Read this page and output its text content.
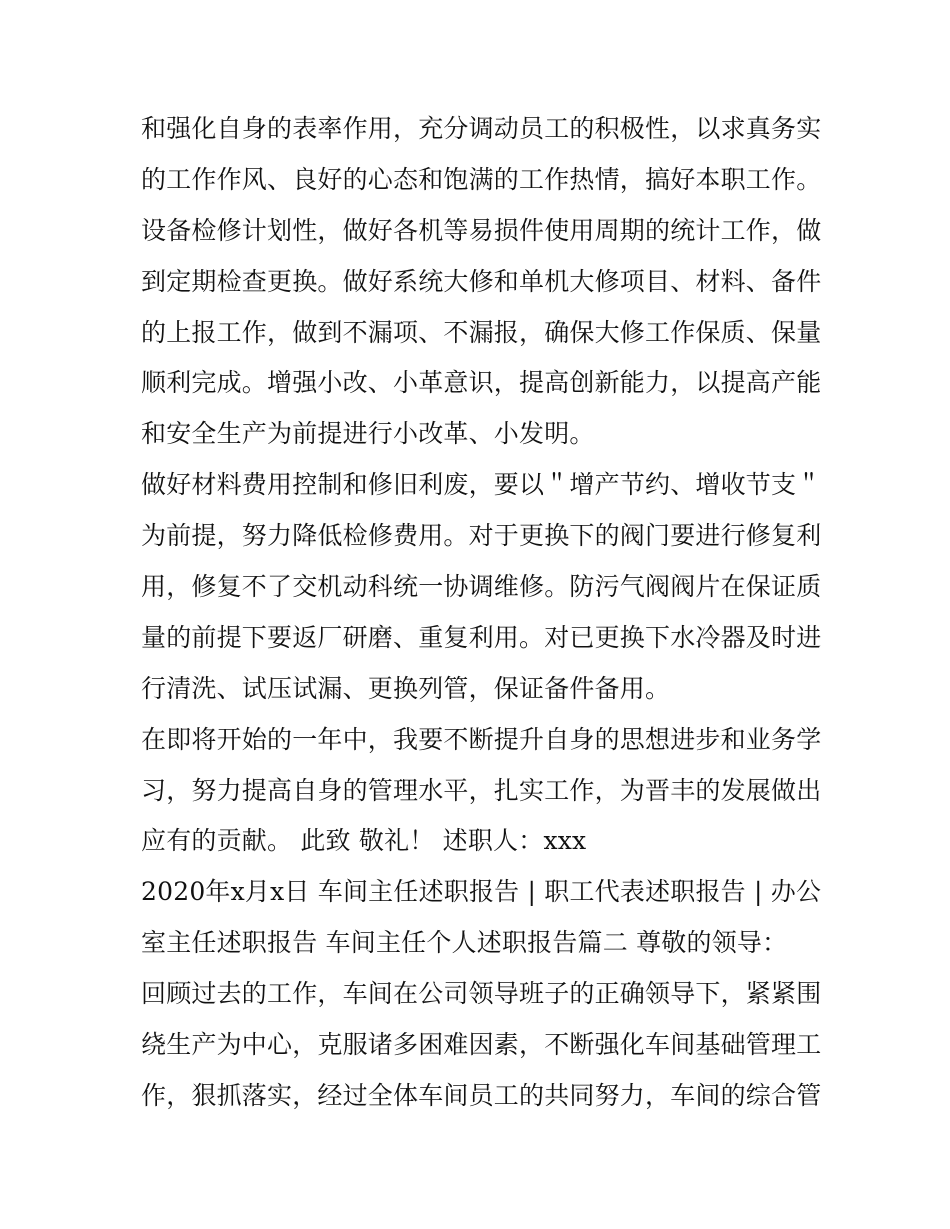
和强化自身的表率作用，充分调动员工的积极性，以求真务实
的工作作风、良好的心态和饱满的工作热情，搞好本职工作。
设备检修计划性，做好各机等易损件使用周期的统计工作，做
到定期检查更换。做好系统大修和单机大修项目、材料、备件
的上报工作，做到不漏项、不漏报，确保大修工作保质、保量
顺利完成。增强小改、小革意识，提高创新能力，以提高产能
和安全生产为前提进行小改革、小发明。
做好材料费用控制和修旧利废，要以＂增产节约、增收节支＂
为前提，努力降低检修费用。对于更换下的阀门要进行修复利
用，修复不了交机动科统一协调维修。防污气阀阀片在保证质
量的前提下要返厂研磨、重复利用。对已更换下水冷器及时进
行清洗、试压试漏、更换列管，保证备件备用。
在即将开始的一年中，我要不断提升自身的思想进步和业务学
习，努力提高自身的管理水平，扎实工作，为晋丰的发展做出
应有的贡献。 此致 敬礼！ 述职人：xxx
2020年x月x日 车间主任述职报告 | 职工代表述职报告 | 办公
室主任述职报告 车间主任个人述职报告篇二 尊敬的领导：
回顾过去的工作，车间在公司领导班子的正确领导下，紧紧围
绕生产为中心，克服诸多困难因素，不断强化车间基础管理工
作，狠抓落实，经过全体车间员工的共同努力，车间的综合管
